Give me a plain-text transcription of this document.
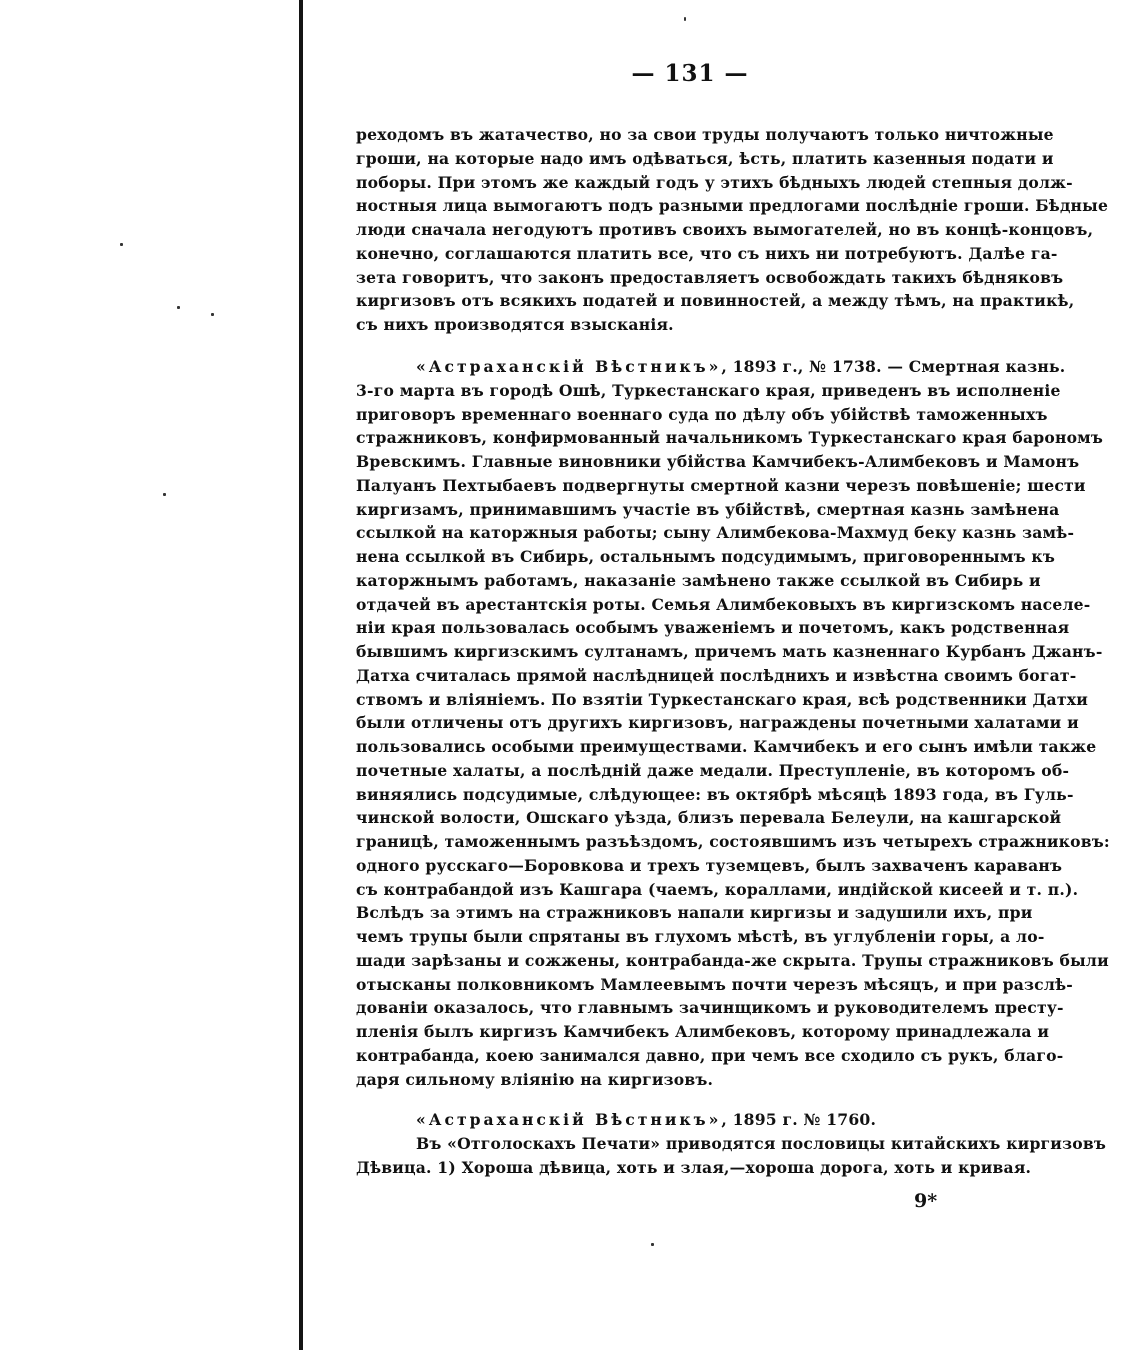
— 131 —
реходомъ въ жатачество, но за свои труды получаютъ только ничтожные
гроши, на которые надо имъ одѣваться, ѣсть, платить казенныя подати и
поборы. При этомъ же каждый годъ у этихъ бѣдныхъ людей степныя долж-
ностныя лица вымогаютъ подъ разными предлогами послѣдніе гроши. Бѣдные
люди сначала негодуютъ противъ своихъ вымогателей, но въ концѣ-концовъ,
конечно, соглашаются платить все, что съ нихъ ни потребуютъ. Далѣе га-
зета говоритъ, что законъ предоставляетъ освобождать такихъ бѣдняковъ
киргизовъ отъ всякихъ податей и повинностей, а между тѣмъ, на практикѣ,
съ нихъ производятся взысканія.
«Астраханскій Вѣстникъ», 1893 г., № 1738. — Смертная казнь.
3-го марта въ городѣ Ошѣ, Туркестанскаго края, приведенъ въ исполненіе
приговоръ временнаго военнаго суда по дѣлу объ убійствѣ таможенныхъ
стражниковъ, конфирмованный начальникомъ Туркестанскаго края барономъ
Вревскимъ. Главные виновники убійства Камчибекъ-Алимбековъ и Мамонъ
Палуанъ Пехтыбаевъ подвергнуты смертной казни черезъ повѣшеніе; шести
киргизамъ, принимавшимъ участіе въ убійствѣ, смертная казнь замѣнена
ссылкой на каторжныя работы; сыну Алимбекова-Махмуд беку казнь замѣ-
нена ссылкой въ Сибирь, остальнымъ подсудимымъ, приговореннымъ къ
каторжнымъ работамъ, наказаніе замѣнено также ссылкой въ Сибирь и
отдачей въ арестантскія роты. Семья Алимбековыхъ въ киргизскомъ населе-
ніи края пользовалась особымъ уваженіемъ и почетомъ, какъ родственная
бывшимъ киргизскимъ султанамъ, причемъ мать казненнаго Курбанъ Джанъ-
Датха считалась прямой наслѣдницей послѣднихъ и извѣстна своимъ богат-
ствомъ и вліяніемъ. По взятіи Туркестанскаго края, всѣ родственники Датхи
были отличены отъ другихъ киргизовъ, награждены почетными халатами и
пользовались особыми преимуществами. Камчибекъ и его сынъ имѣли также
почетные халаты, а послѣдній даже медали. Преступленіе, въ которомъ об-
виняялись подсудимые, слѣдующее: въ октябрѣ мѣсяцѣ 1893 года, въ Гуль-
чинской волости, Ошскаго уѣзда, близъ перевала Белеули, на кашгарской
границѣ, таможеннымъ разъѣздомъ, состоявшимъ изъ четырехъ стражниковъ:
одного русскаго—Боровкова и трехъ туземцевъ, былъ захваченъ караванъ
съ контрабандой изъ Кашгара (чаемъ, кораллами, индійской кисеей и т. п.).
Вслѣдъ за этимъ на стражниковъ напали киргизы и задушили ихъ, при
чемъ трупы были спрятаны въ глухомъ мѣстѣ, въ углубленіи горы, а ло-
шади зарѣзаны и сожжены, контрабанда-же скрыта. Трупы стражниковъ были
отысканы полковникомъ Мамлеевымъ почти черезъ мѣсяцъ, и при разслѣ-
дованіи оказалось, что главнымъ зачинщикомъ и руководителемъ престу-
пленія былъ киргизъ Камчибекъ Алимбековъ, которому принадлежала и
контрабанда, коею занимался давно, при чемъ все сходило съ рукъ, благо-
даря сильному вліянію на киргизовъ.
«Астраханскій Вѣстникъ», 1895 г. № 1760.
Въ «Отголоскахъ Печати» приводятся пословицы китайскихъ киргизовъ
Дѣвица. 1) Хороша дѣвица, хоть и злая,—хороша дорога, хоть и кривая.
9*
